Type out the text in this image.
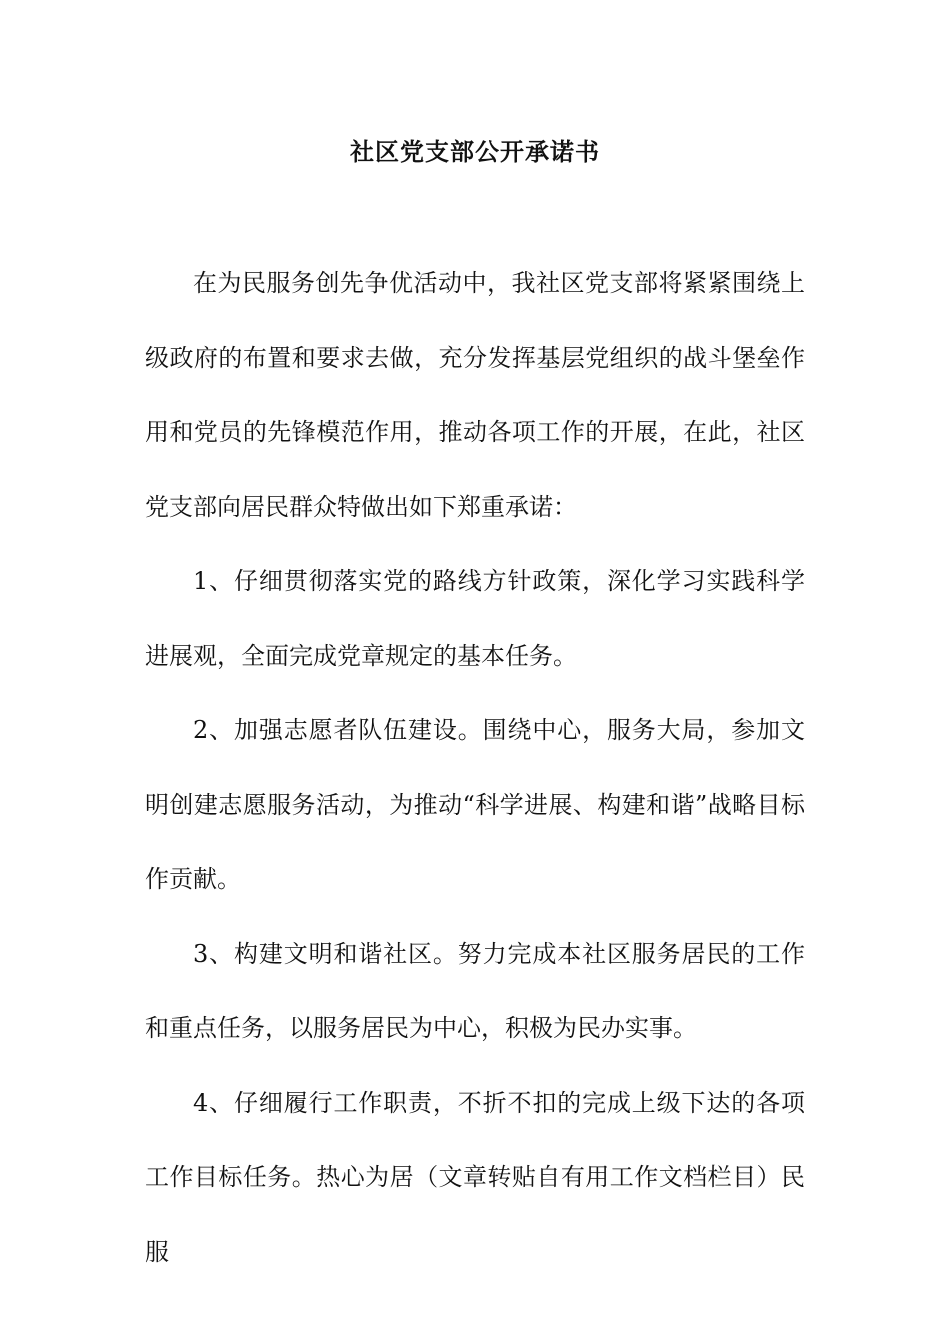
社区党支部公开承诺书

在为民服务创先争优活动中，我社区党支部将紧紧围绕上级政府的布置和要求去做，充分发挥基层党组织的战斗堡垒作用和党员的先锋模范作用，推动各项工作的开展，在此，社区党支部向居民群众特做出如下郑重承诺：

1、仔细贯彻落实党的路线方针政策，深化学习实践科学进展观，全面完成党章规定的基本任务。

2、加强志愿者队伍建设。围绕中心，服务大局，参加文明创建志愿服务活动，为推动“科学进展、构建和谐”战略目标作贡献。

3、构建文明和谐社区。努力完成本社区服务居民的工作和重点任务，以服务居民为中心，积极为民办实事。

4、仔细履行工作职责，不折不扣的完成上级下达的各项工作目标任务。热心为居（文章转贴自有用工作文档栏目）民服
